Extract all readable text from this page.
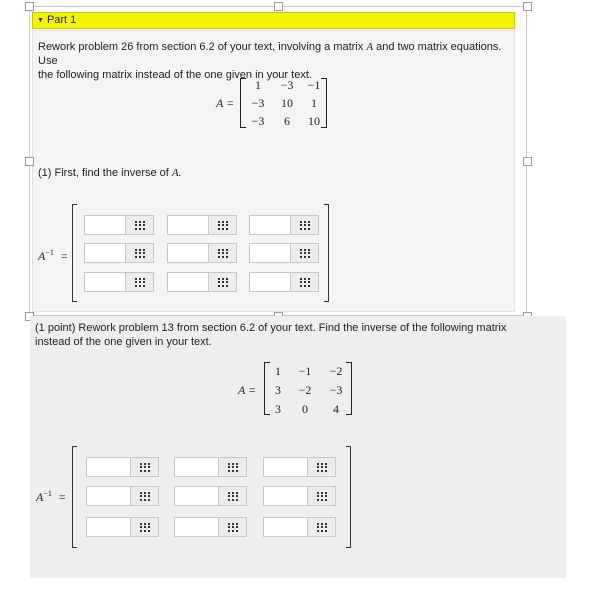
▼ Part 1
Rework problem 26 from section 6.2 of your text, involving a matrix A and two matrix equations. Use
the following matrix instead of the one given in your text.
A =
1	−3	−1
−3	10	1
−3	6	10
(1) First, find the inverse of A.
$A^{-1}$ =
(1 point) Rework problem 13 from section 6.2 of your text. Find the inverse of the following matrix
instead of the one given in your text.
A =
1	−1	−2
3	−2	−3
3	0	4
$A^{-1}$ =
